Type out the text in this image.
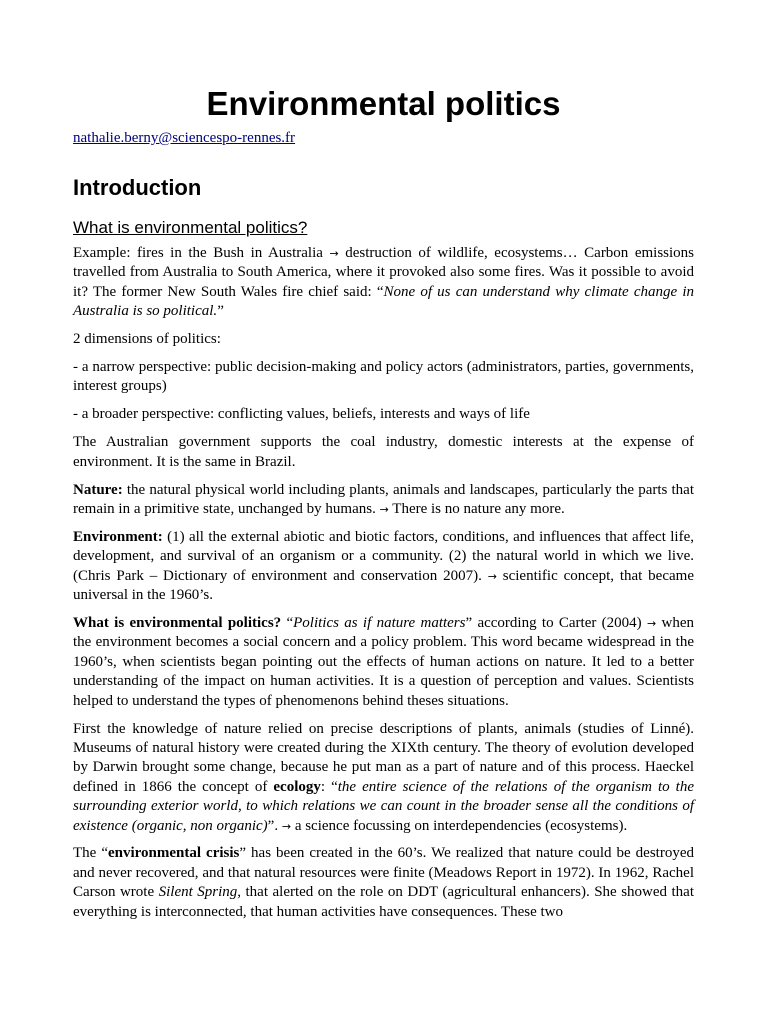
Environmental politics
nathalie.berny@sciencespo-rennes.fr
Introduction
What is environmental politics?

Example: fires in the Bush in Australia → destruction of wildlife, ecosystems… Carbon emissions travelled from Australia to South America, where it provoked also some fires. Was it possible to avoid it? The former New South Wales fire chief said: “None of us can understand why climate change in Australia is so political.”

2 dimensions of politics:

- a narrow perspective: public decision-making and policy actors (administrators, parties, governments, interest groups)

- a broader perspective: conflicting values, beliefs, interests and ways of life

The Australian government supports the coal industry, domestic interests at the expense of environment. It is the same in Brazil.

Nature: the natural physical world including plants, animals and landscapes, particularly the parts that remain in a primitive state, unchanged by humans. → There is no nature any more.

Environment: (1) all the external abiotic and biotic factors, conditions, and influences that affect life, development, and survival of an organism or a community. (2) the natural world in which we live. (Chris Park – Dictionary of environment and conservation 2007). → scientific concept, that became universal in the 1960’s.

What is environmental politics? “Politics as if nature matters” according to Carter (2004) → when the environment becomes a social concern and a policy problem. This word became widespread in the 1960’s, when scientists began pointing out the effects of human actions on nature. It led to a better understanding of the impact on human activities. It is a question of perception and values. Scientists helped to understand the types of phenomenons behind theses situations.

First the knowledge of nature relied on precise descriptions of plants, animals (studies of Linné). Museums of natural history were created during the XIXth century. The theory of evolution developed by Darwin brought some change, because he put man as a part of nature and of this process. Haeckel defined in 1866 the concept of ecology: “the entire science of the relations of the organism to the surrounding exterior world, to which relations we can count in the broader sense all the conditions of existence (organic, non organic)”. → a science focussing on interdependencies (ecosystems).

The “environmental crisis” has been created in the 60’s. We realized that nature could be destroyed and never recovered, and that natural resources were finite (Meadows Report in 1972). In 1962, Rachel Carson wrote Silent Spring, that alerted on the role on DDT (agricultural enhancers). She showed that everything is interconnected, that human activities have consequences. These two
